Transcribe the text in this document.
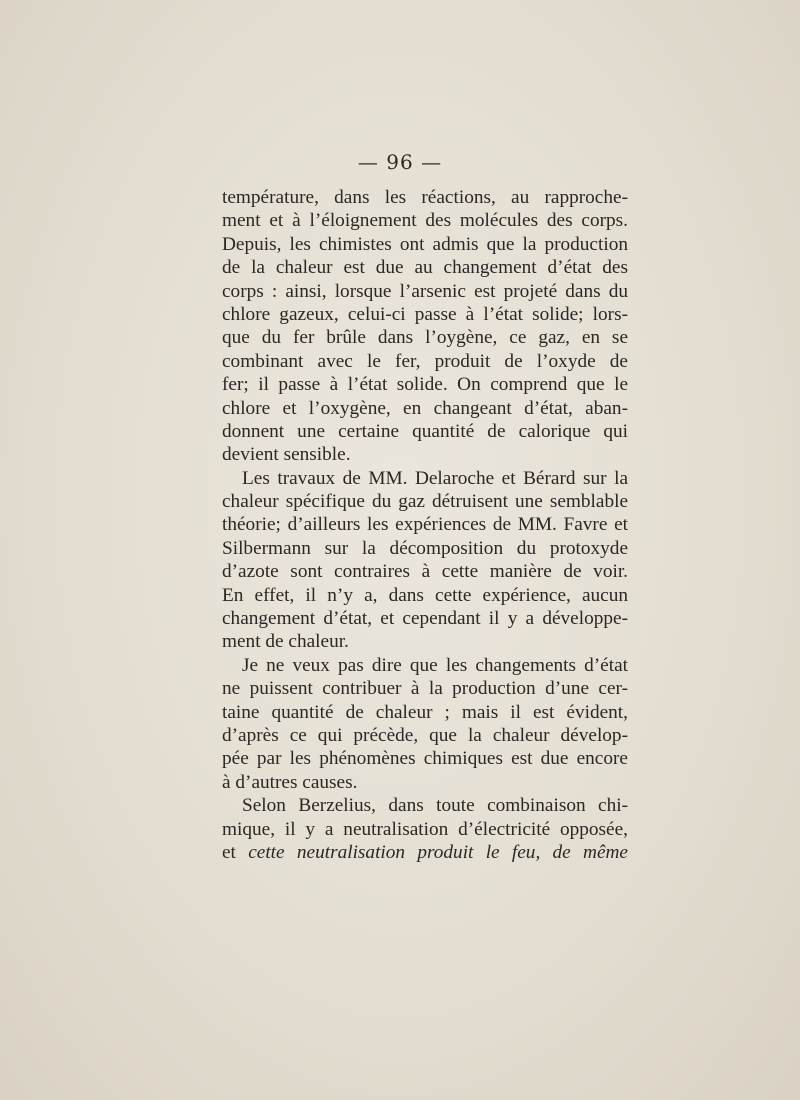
— 96 —
température, dans les réactions, au rapproche-
ment et à l’éloignement des molécules des corps.
Depuis, les chimistes ont admis que la production
de la chaleur est due au changement d’état des
corps : ainsi, lorsque l’arsenic est projeté dans du
chlore gazeux, celui-ci passe à l’état solide; lors-
que du fer brûle dans l’oygène, ce gaz, en se
combinant avec le fer, produit de l’oxyde de
fer; il passe à l’état solide. On comprend que le
chlore et l’oxygène, en changeant d’état, aban-
donnent une certaine quantité de calorique qui
devient sensible.
Les travaux de MM. Delaroche et Bérard sur la
chaleur spécifique du gaz détruisent une semblable
théorie; d’ailleurs les expériences de MM. Favre et
Silbermann sur la décomposition du protoxyde
d’azote sont contraires à cette manière de voir.
En effet, il n’y a, dans cette expérience, aucun
changement d’état, et cependant il y a développe-
ment de chaleur.
Je ne veux pas dire que les changements d’état
ne puissent contribuer à la production d’une cer-
taine quantité de chaleur ; mais il est évident,
d’après ce qui précède, que la chaleur dévelop-
pée par les phénomènes chimiques est due encore
à d’autres causes.
Selon Berzelius, dans toute combinaison chi-
mique, il y a neutralisation d’électricité opposée,
et cette neutralisation produit le feu, de même
